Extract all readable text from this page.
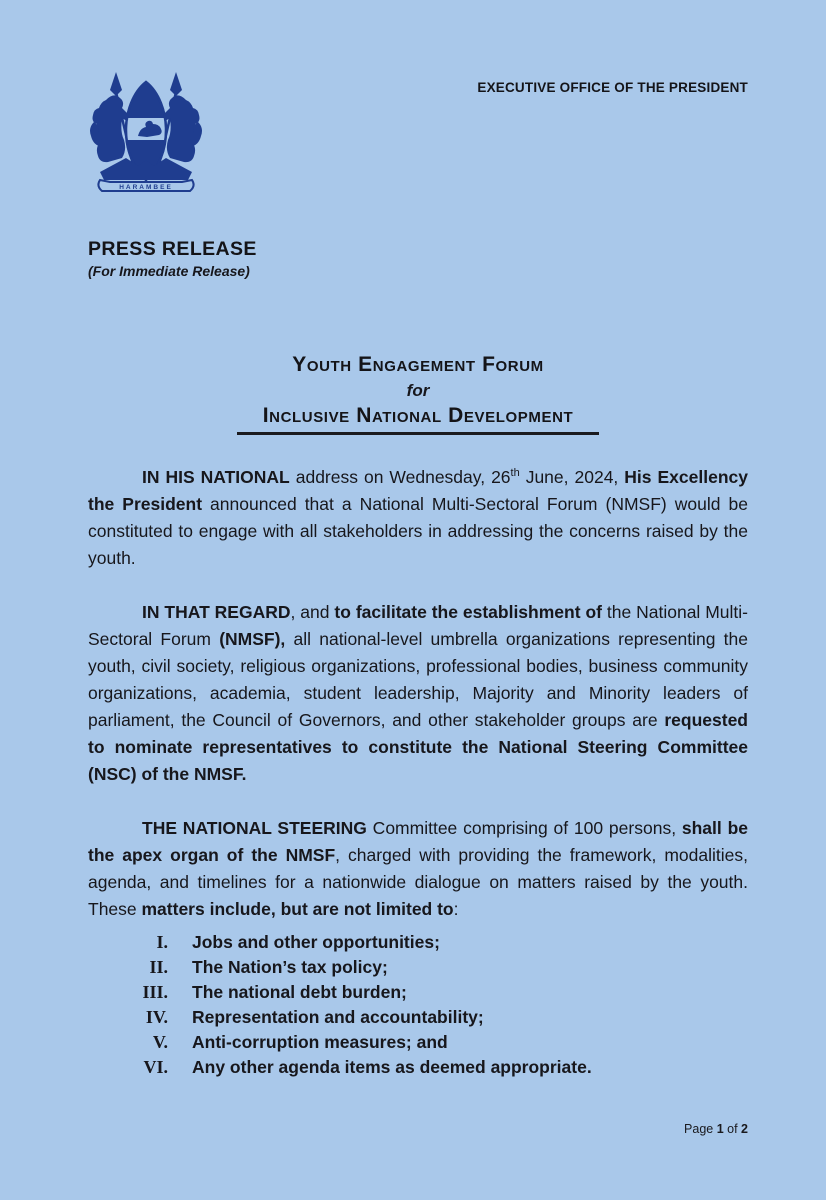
HARAMBEE
EXECUTIVE OFFICE OF THE PRESIDENT
PRESS RELEASE
(For Immediate Release)
Youth Engagement Forum
for
Inclusive National Development

IN HIS NATIONAL address on Wednesday, 26th June, 2024, His Excellency the President announced that a National Multi-Sectoral Forum (NMSF) would be constituted to engage with all stakeholders in addressing the concerns raised by the youth.

IN THAT REGARD, and to facilitate the establishment of the National Multi-Sectoral Forum (NMSF), all national-level umbrella organizations representing the youth, civil society, religious organizations, professional bodies, business community organizations, academia, student leadership, Majority and Minority leaders of parliament, the Council of Governors, and other stakeholder groups are requested to nominate representatives to constitute the National Steering Committee (NSC) of the NMSF.

THE NATIONAL STEERING Committee comprising of 100 persons, shall be the apex organ of the NMSF, charged with providing the framework, modalities, agenda, and timelines for a nationwide dialogue on matters raised by the youth. These matters include, but are not limited to:

I. Jobs and other opportunities;
II. The Nation’s tax policy;
III. The national debt burden;
IV. Representation and accountability;
V. Anti-corruption measures; and
VI. Any other agenda items as deemed appropriate.
Page 1 of 2
